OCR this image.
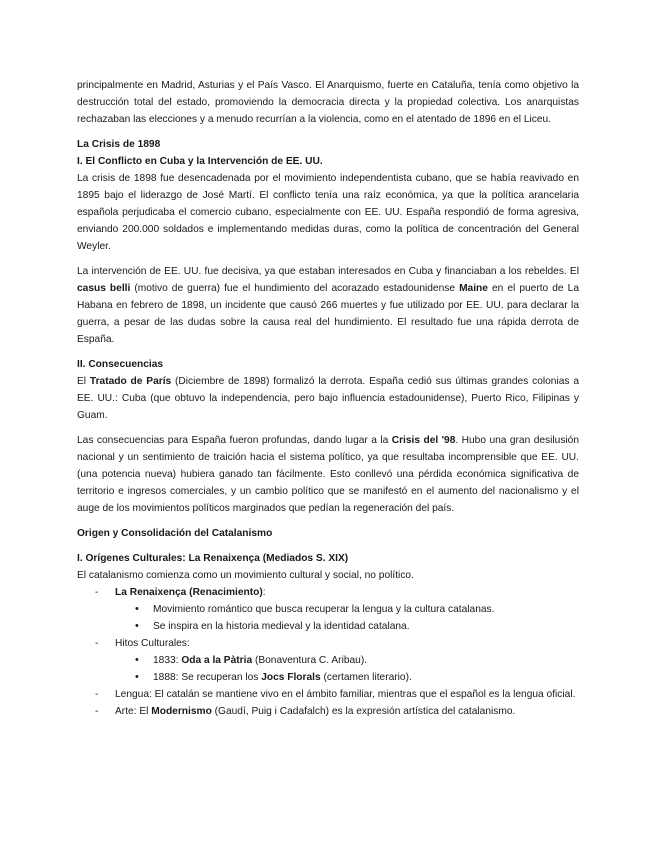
principalmente en Madrid, Asturias y el País Vasco. El Anarquismo, fuerte en Cataluña, tenía como objetivo la destrucción total del estado, promoviendo la democracia directa y la propiedad colectiva. Los anarquistas rechazaban las elecciones y a menudo recurrían a la violencia, como en el atentado de 1896 en el Liceu.

La Crisis de 1898

I. El Conflicto en Cuba y la Intervención de EE. UU.

La crisis de 1898 fue desencadenada por el movimiento independentista cubano, que se había reavivado en 1895 bajo el liderazgo de José Martí. El conflicto tenía una raíz económica, ya que la política arancelaria española perjudicaba el comercio cubano, especialmente con EE. UU. España respondió de forma agresiva, enviando 200.000 soldados e implementando medidas duras, como la política de concentración del General Weyler.

La intervención de EE. UU. fue decisiva, ya que estaban interesados en Cuba y financiaban a los rebeldes. El casus belli (motivo de guerra) fue el hundimiento del acorazado estadounidense Maine en el puerto de La Habana en febrero de 1898, un incidente que causó 266 muertes y fue utilizado por EE. UU. para declarar la guerra, a pesar de las dudas sobre la causa real del hundimiento. El resultado fue una rápida derrota de España.

II. Consecuencias

El Tratado de París (Diciembre de 1898) formalizó la derrota. España cedió sus últimas grandes colonias a EE. UU.: Cuba (que obtuvo la independencia, pero bajo influencia estadounidense), Puerto Rico, Filipinas y Guam.

Las consecuencias para España fueron profundas, dando lugar a la Crisis del '98. Hubo una gran desilusión nacional y un sentimiento de traición hacia el sistema político, ya que resultaba incomprensible que EE. UU. (una potencia nueva) hubiera ganado tan fácilmente. Esto conllevó una pérdida económica significativa de territorio e ingresos comerciales, y un cambio político que se manifestó en el aumento del nacionalismo y el auge de los movimientos políticos marginados que pedían la regeneración del país.

Origen y Consolidación del Catalanismo

I. Orígenes Culturales: La Renaixença (Mediados S. XIX)

El catalanismo comienza como un movimiento cultural y social, no político.

- La Renaixença (Renacimiento):
• Movimiento romántico que busca recuperar la lengua y la cultura catalanas.
• Se inspira en la historia medieval y la identidad catalana.
- Hitos Culturales:
• 1833: Oda a la Pàtria (Bonaventura C. Aribau).
• 1888: Se recuperan los Jocs Florals (certamen literario).
- Lengua: El catalán se mantiene vivo en el ámbito familiar, mientras que el español es la lengua oficial.
- Arte: El Modernismo (Gaudí, Puig i Cadafalch) es la expresión artística del catalanismo.
